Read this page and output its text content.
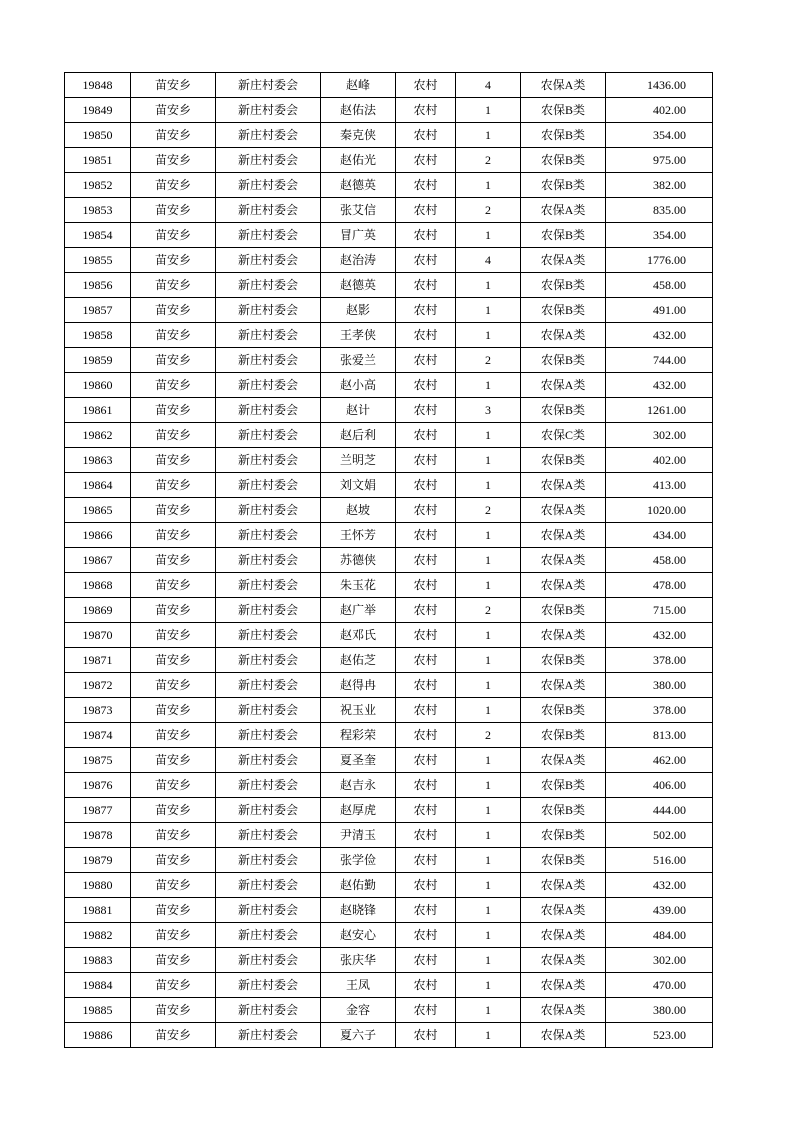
19848	苗安乡	新庄村委会	赵峰	农村	4	农保A类	1436.00
19849	苗安乡	新庄村委会	赵佑法	农村	1	农保B类	402.00
19850	苗安乡	新庄村委会	秦克侠	农村	1	农保B类	354.00
19851	苗安乡	新庄村委会	赵佑光	农村	2	农保B类	975.00
19852	苗安乡	新庄村委会	赵德英	农村	1	农保B类	382.00
19853	苗安乡	新庄村委会	张艾信	农村	2	农保A类	835.00
19854	苗安乡	新庄村委会	冒广英	农村	1	农保B类	354.00
19855	苗安乡	新庄村委会	赵治涛	农村	4	农保A类	1776.00
19856	苗安乡	新庄村委会	赵德英	农村	1	农保B类	458.00
19857	苗安乡	新庄村委会	赵影	农村	1	农保B类	491.00
19858	苗安乡	新庄村委会	王孝侠	农村	1	农保A类	432.00
19859	苗安乡	新庄村委会	张爱兰	农村	2	农保B类	744.00
19860	苗安乡	新庄村委会	赵小高	农村	1	农保A类	432.00
19861	苗安乡	新庄村委会	赵计	农村	3	农保B类	1261.00
19862	苗安乡	新庄村委会	赵后利	农村	1	农保C类	302.00
19863	苗安乡	新庄村委会	兰明芝	农村	1	农保B类	402.00
19864	苗安乡	新庄村委会	刘文娟	农村	1	农保A类	413.00
19865	苗安乡	新庄村委会	赵坡	农村	2	农保A类	1020.00
19866	苗安乡	新庄村委会	王怀芳	农村	1	农保A类	434.00
19867	苗安乡	新庄村委会	苏德侠	农村	1	农保A类	458.00
19868	苗安乡	新庄村委会	朱玉花	农村	1	农保A类	478.00
19869	苗安乡	新庄村委会	赵广举	农村	2	农保B类	715.00
19870	苗安乡	新庄村委会	赵邓氏	农村	1	农保A类	432.00
19871	苗安乡	新庄村委会	赵佑芝	农村	1	农保B类	378.00
19872	苗安乡	新庄村委会	赵得冉	农村	1	农保A类	380.00
19873	苗安乡	新庄村委会	祝玉业	农村	1	农保B类	378.00
19874	苗安乡	新庄村委会	程彩荣	农村	2	农保B类	813.00
19875	苗安乡	新庄村委会	夏圣奎	农村	1	农保A类	462.00
19876	苗安乡	新庄村委会	赵吉永	农村	1	农保B类	406.00
19877	苗安乡	新庄村委会	赵厚虎	农村	1	农保B类	444.00
19878	苗安乡	新庄村委会	尹清玉	农村	1	农保B类	502.00
19879	苗安乡	新庄村委会	张学俭	农村	1	农保B类	516.00
19880	苗安乡	新庄村委会	赵佑勤	农村	1	农保A类	432.00
19881	苗安乡	新庄村委会	赵晓锋	农村	1	农保A类	439.00
19882	苗安乡	新庄村委会	赵安心	农村	1	农保A类	484.00
19883	苗安乡	新庄村委会	张庆华	农村	1	农保A类	302.00
19884	苗安乡	新庄村委会	王凤	农村	1	农保A类	470.00
19885	苗安乡	新庄村委会	金容	农村	1	农保A类	380.00
19886	苗安乡	新庄村委会	夏六子	农村	1	农保A类	523.00
